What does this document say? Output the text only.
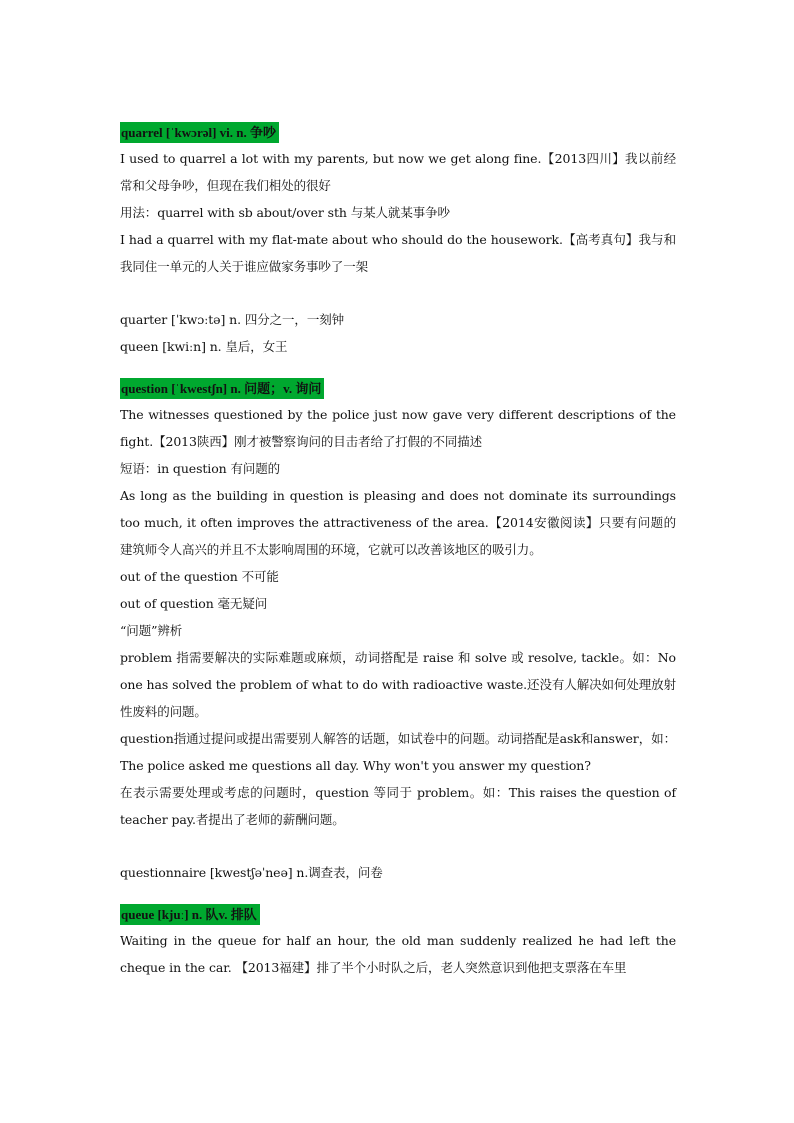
quarrel [ˈkwɔrəl] vi. n. 争吵

I used to quarrel a lot with my parents, but now we get along fine.【2013四川】我以前经常和父母争吵，但现在我们相处的很好

用法：quarrel with sb about/over sth 与某人就某事争吵

I had a quarrel with my flat-mate about who should do the housework.【高考真句】我与和我同住一单元的人关于谁应做家务事吵了一架

quarter [ˈkwɔːtə] n. 四分之一，一刻钟

queen [kwiːn] n. 皇后，女王

question [ˈkwestʃn] n. 问题；v. 询问

The witnesses questioned by the police just now gave very different descriptions of the fight.【2013陕西】刚才被警察询问的目击者给了打假的不同描述

短语：in question 有问题的

As long as the building in question is pleasing and does not dominate its surroundings too much, it often improves the attractiveness of the area.【2014安徽阅读】只要有问题的建筑师令人高兴的并且不太影响周围的环境，它就可以改善该地区的吸引力。

out of the question 不可能

out of question 毫无疑问

“问题”辨析

problem 指需要解决的实际难题或麻烦，动词搭配是 raise 和 solve 或 resolve, tackle。如：No one has solved the problem of what to do with radioactive waste.还没有人解决如何处理放射性废料的问题。

question指通过提问或提出需要别人解答的话题，如试卷中的问题。动词搭配是ask和answer，如：The police asked me questions all day. Why won't you answer my question?

在表示需要处理或考虑的问题时，question 等同于 problem。如：This raises the question of teacher pay.者提出了老师的薪酬问题。

questionnaire [kwestʃəˈneə] n.调查表，问卷

queue [kjuː] n. 队v. 排队

Waiting in the queue for half an hour, the old man suddenly realized he had left the cheque in the car. 【2013福建】排了半个小时队之后，老人突然意识到他把支票落在车里
